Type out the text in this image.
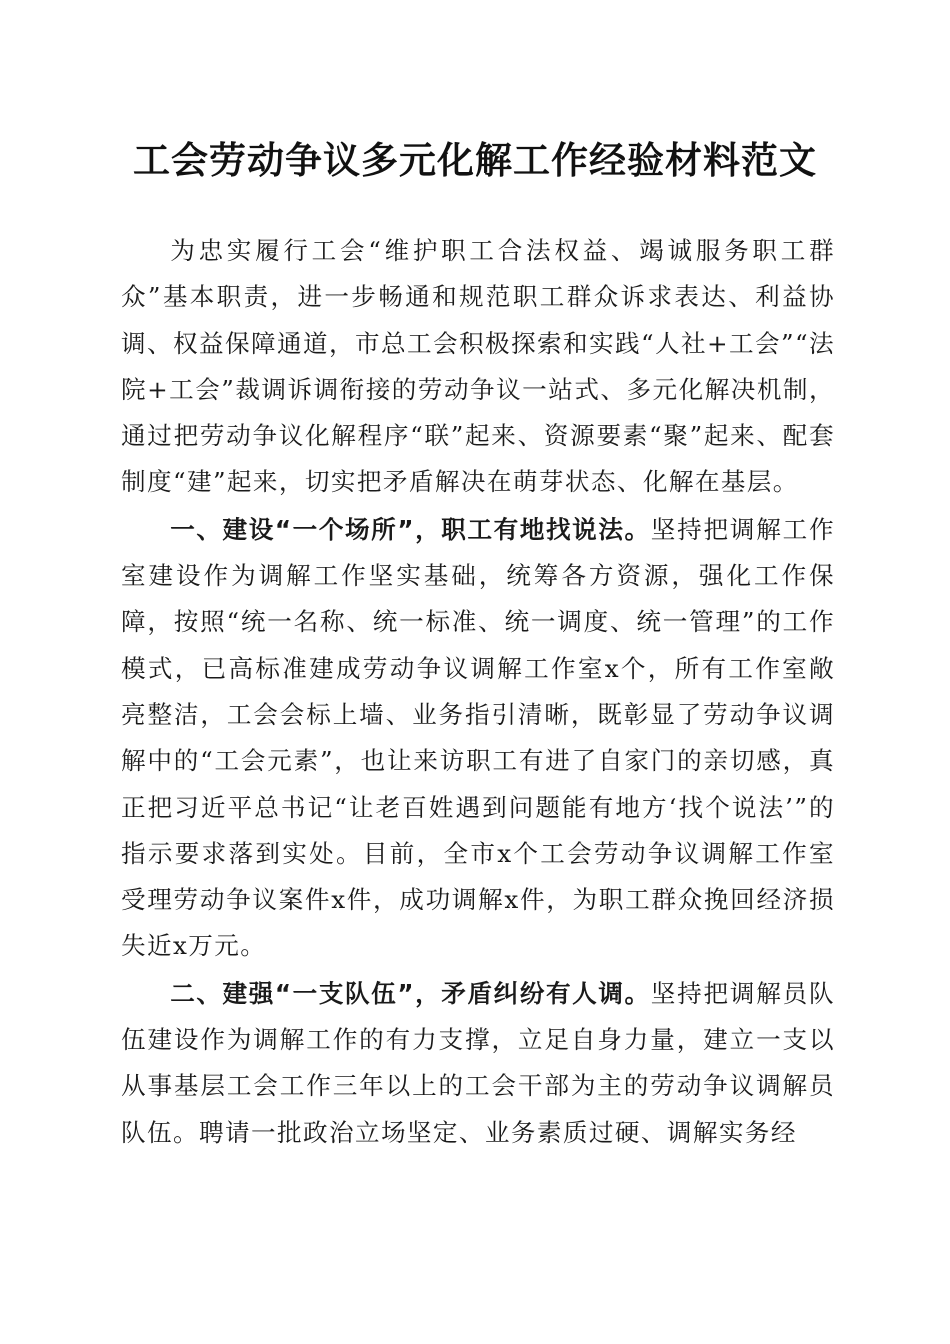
工会劳动争议多元化解工作经验材料范文

为忠实履行工会“维护职工合法权益、竭诚服务职工群众”基本职责，进一步畅通和规范职工群众诉求表达、利益协调、权益保障通道，市总工会积极探索和实践“人社+工会”“法院+工会”裁调诉调衔接的劳动争议一站式、多元化解决机制，通过把劳动争议化解程序“联”起来、资源要素“聚”起来、配套制度“建”起来，切实把矛盾解决在萌芽状态、化解在基层。

一、建设“一个场所”，职工有地找说法。坚持把调解工作室建设作为调解工作坚实基础，统筹各方资源，强化工作保障，按照“统一名称、统一标准、统一调度、统一管理”的工作模式，已高标准建成劳动争议调解工作室x个，所有工作室敞亮整洁，工会会标上墙、业务指引清晰，既彰显了劳动争议调解中的“工会元素”，也让来访职工有进了自家门的亲切感，真正把习近平总书记“让老百姓遇到问题能有地方‘找个说法’”的指示要求落到实处。目前，全市x个工会劳动争议调解工作室受理劳动争议案件x件，成功调解x件，为职工群众挽回经济损失近x万元。

二、建强“一支队伍”，矛盾纠纷有人调。坚持把调解员队伍建设作为调解工作的有力支撑，立足自身力量，建立一支以从事基层工会工作三年以上的工会干部为主的劳动争议调解员队伍。聘请一批政治立场坚定、业务素质过硬、调解实务经
